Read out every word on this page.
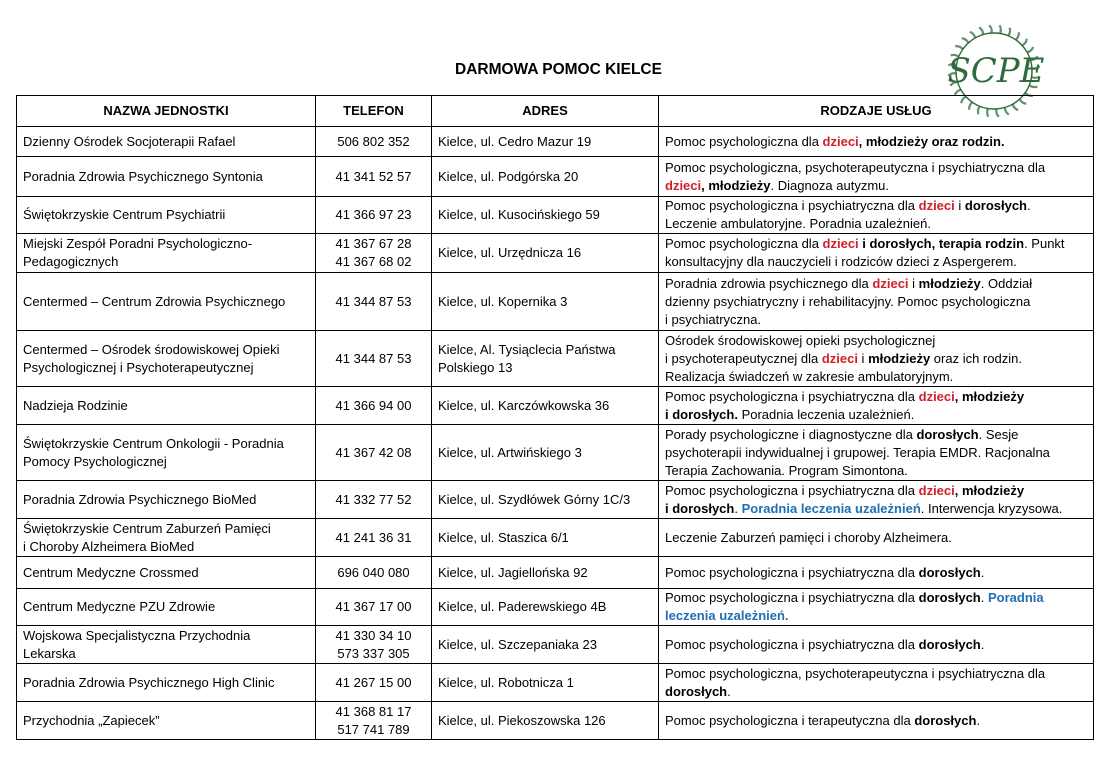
DARMOWA POMOC KIELCE	SCPE
NAZWA JEDNOSTKI	TELEFON	ADRES	RODZAJE USŁUG

Dzienny Ośrodek Socjoterapii Rafael	506 802 352	Kielce, ul. Cedro Mazur 19	Pomoc psychologiczna dla dzieci, młodzieży oraz rodzin.

Poradnia Zdrowia Psychicznego Syntonia	41 341 52 57	Kielce, ul. Podgórska 20	Pomoc psychologiczna, psychoterapeutyczna i psychiatryczna dla
dzieci, młodzieży. Diagnoza autyzmu.

Świętokrzyskie Centrum Psychiatrii	41 366 97 23	Kielce, ul. Kusocińskiego 59	Pomoc psychologiczna i psychiatryczna dla dzieci i dorosłych.
Leczenie ambulatoryjne. Poradnia uzależnień.

Miejski Zespół Poradni Psychologiczno-
Pedagogicznych	41 367 67 28
41 367 68 02	Kielce, ul. Urzędnicza 16	Pomoc psychologiczna dla dzieci i dorosłych, terapia rodzin. Punkt
konsultacyjny dla nauczycieli i rodziców dzieci z Aspergerem.

Centermed – Centrum Zdrowia Psychicznego	41 344 87 53	Kielce, ul. Kopernika 3	Poradnia zdrowia psychicznego dla dzieci i młodzieży. Oddział
dzienny psychiatryczny i rehabilitacyjny. Pomoc psychologiczna
i psychiatryczna.

Centermed – Ośrodek środowiskowej Opieki
Psychologicznej i Psychoterapeutycznej	41 344 87 53	Kielce, Al. Tysiąclecia Państwa
Polskiego 13	Ośrodek środowiskowej opieki psychologicznej
i psychoterapeutycznej dla dzieci i młodzieży oraz ich rodzin.
Realizacja świadczeń w zakresie ambulatoryjnym.

Nadzieja Rodzinie	41 366 94 00	Kielce, ul. Karczówkowska 36	Pomoc psychologiczna i psychiatryczna dla dzieci, młodzieży
i dorosłych. Poradnia leczenia uzależnień.

Świętokrzyskie Centrum Onkologii - Poradnia
Pomocy Psychologicznej	41 367 42 08	Kielce, ul. Artwińskiego 3	Porady psychologiczne i diagnostyczne dla dorosłych. Sesje
psychoterapii indywidualnej i grupowej. Terapia EMDR. Racjonalna
Terapia Zachowania. Program Simontona.

Poradnia Zdrowia Psychicznego BioMed	41 332 77 52	Kielce, ul. Szydłówek Górny 1C/3	Pomoc psychologiczna i psychiatryczna dla dzieci, młodzieży
i dorosłych. Poradnia leczenia uzależnień. Interwencja kryzysowa.

Świętokrzyskie Centrum Zaburzeń Pamięci
i Choroby Alzheimera BioMed	41 241 36 31	Kielce, ul. Staszica 6/1	Leczenie Zaburzeń pamięci i choroby Alzheimera.

Centrum Medyczne Crossmed	696 040 080	Kielce, ul. Jagiellońska 92	Pomoc psychologiczna i psychiatryczna dla dorosłych.

Centrum Medyczne PZU Zdrowie	41 367 17 00	Kielce, ul. Paderewskiego 4B	Pomoc psychologiczna i psychiatryczna dla dorosłych. Poradnia
leczenia uzależnień.

Wojskowa Specjalistyczna Przychodnia
Lekarska	41 330 34 10
573 337 305	Kielce, ul. Szczepaniaka 23	Pomoc psychologiczna i psychiatryczna dla dorosłych.

Poradnia Zdrowia Psychicznego High Clinic	41 267 15 00	Kielce, ul. Robotnicza 1	Pomoc psychologiczna, psychoterapeutyczna i psychiatryczna dla
dorosłych.

Przychodnia „Zapiecek”	41 368 81 17
517 741 789	Kielce, ul. Piekoszowska 126	Pomoc psychologiczna i terapeutyczna dla dorosłych.
